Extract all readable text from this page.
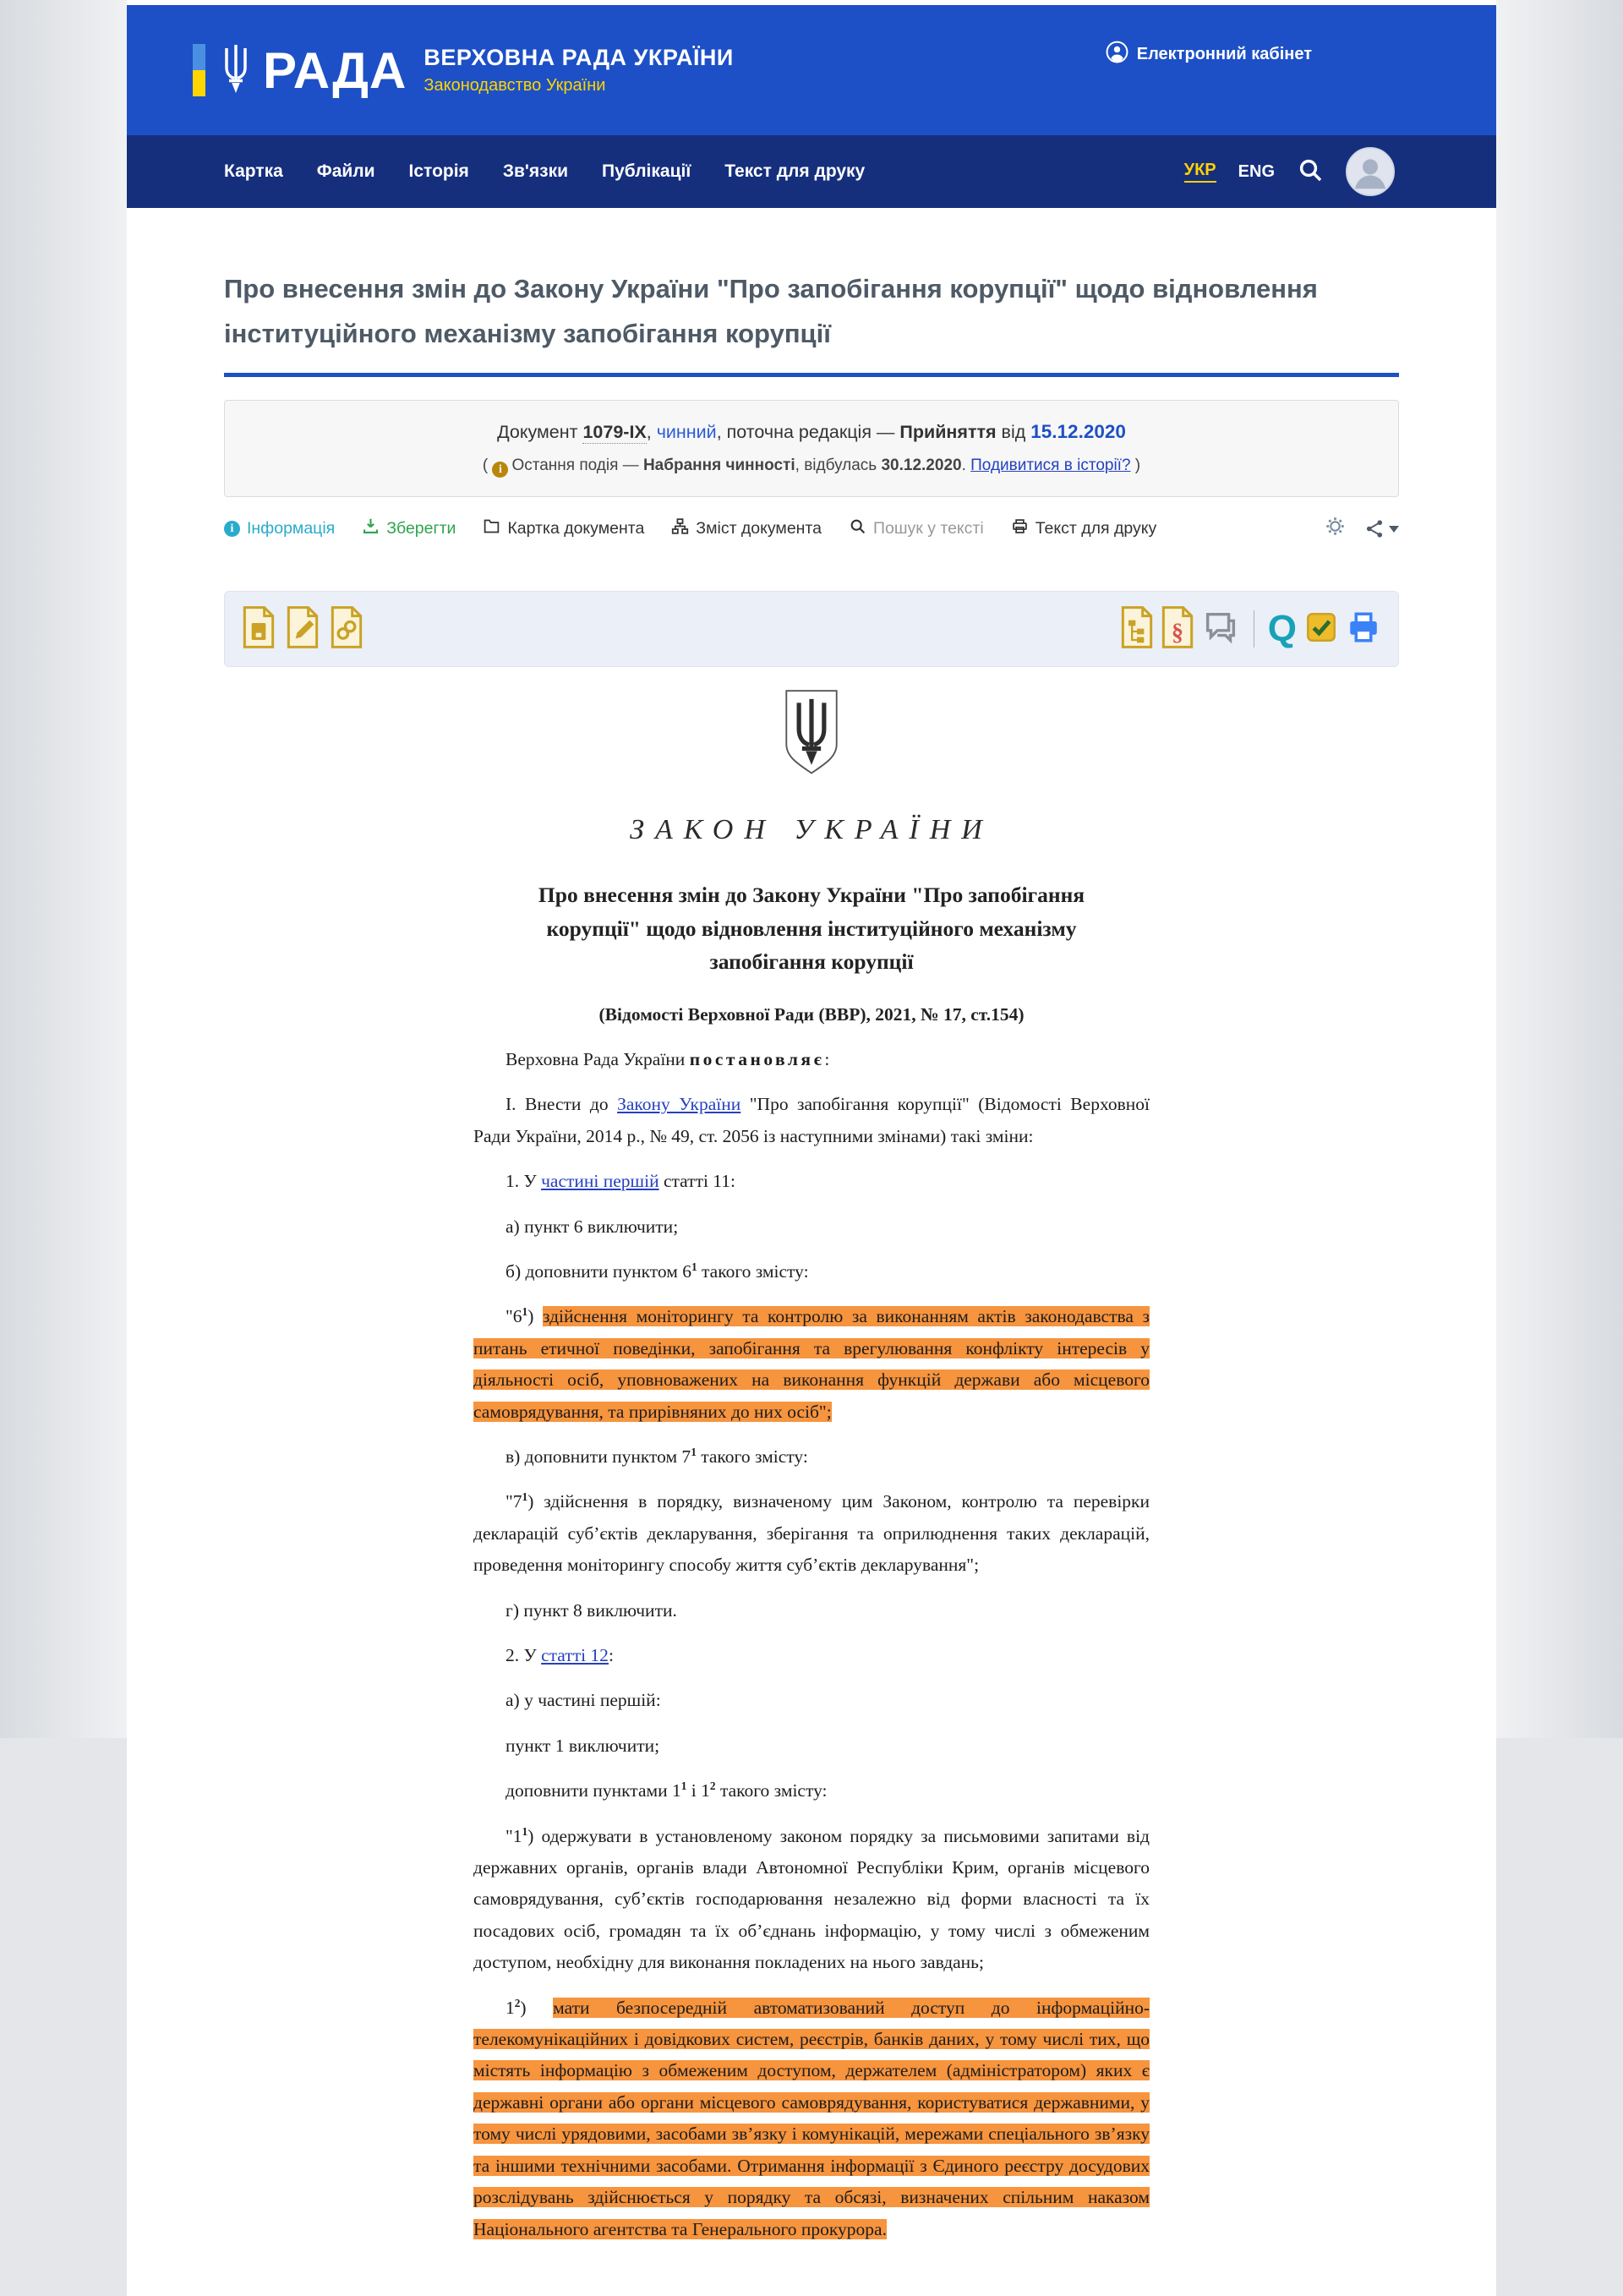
РАДА ВЕРХОВНА РАДА УКРАЇНИ
Законодавство України
Електронний кабінет
Картка Файли Історія Зв'язки Публікації Текст для друку	УКР ENG
Про внесення змін до Закону України "Про запобігання корупції" щодо відновлення інституційного механізму запобігання корупції
Документ 1079-IX, чинний, поточна редакція — Прийняття від 15.12.2020
( i Остання подія — Набрання чинності, відбулась 30.12.2020. Подивитися в історії? )
i Інформація	Зберегти	Картка документа	Зміст документа	Пошук у тексті	Текст для друку
§ Q
ЗАКОН УКРАЇНИ
Про внесення змін до Закону України "Про запобігання корупції" щодо відновлення інституційного механізму запобігання корупції
(Відомості Верховної Ради (ВВР), 2021, № 17, ст.154)

Верховна Рада України постановляє:

I. Внести до Закону України "Про запобігання корупції" (Відомості Верховної Ради України, 2014 р., № 49, ст. 2056 із наступними змінами) такі зміни:

1. У частині першій статті 11:

а) пункт 6 виключити;

б) доповнити пунктом $6^1$ такого змісту:

"$6^1$) здійснення моніторингу та контролю за виконанням актів законодавства з питань етичної поведінки, запобігання та врегулювання конфлікту інтересів у діяльності осіб, уповноважених на виконання функцій держави або місцевого самоврядування, та прирівняних до них осіб";

в) доповнити пунктом $7^1$ такого змісту:

"$7^1$) здійснення в порядку, визначеному цим Законом, контролю та перевірки декларацій суб’єктів декларування, зберігання та оприлюднення таких декларацій, проведення моніторингу способу життя суб’єктів декларування";

г) пункт 8 виключити.

2. У статті 12:

а) у частині першій:

пункт 1 виключити;

доповнити пунктами $1^1$ і $1^2$ такого змісту:

"$1^1$) одержувати в установленому законом порядку за письмовими запитами від державних органів, органів влади Автономної Республіки Крим, органів місцевого самоврядування, суб’єктів господарювання незалежно від форми власності та їх посадових осіб, громадян та їх об’єднань інформацію, у тому числі з обмеженим доступом, необхідну для виконання покладених на нього завдань;

$1^2$) мати безпосередній автоматизований доступ до інформаційно-телекомунікаційних і довідкових систем, реєстрів, банків даних, у тому числі тих, що містять інформацію з обмеженим доступом, держателем (адміністратором) яких є державні органи або органи місцевого самоврядування, користуватися державними, у тому числі урядовими, засобами зв’язку і комунікацій, мережами спеціального зв’язку та іншими технічними засобами. Отримання інформації з Єдиного реєстру досудових розслідувань здійснюється у порядку та обсязі, визначених спільним наказом Національного агентства та Генерального прокурора.
